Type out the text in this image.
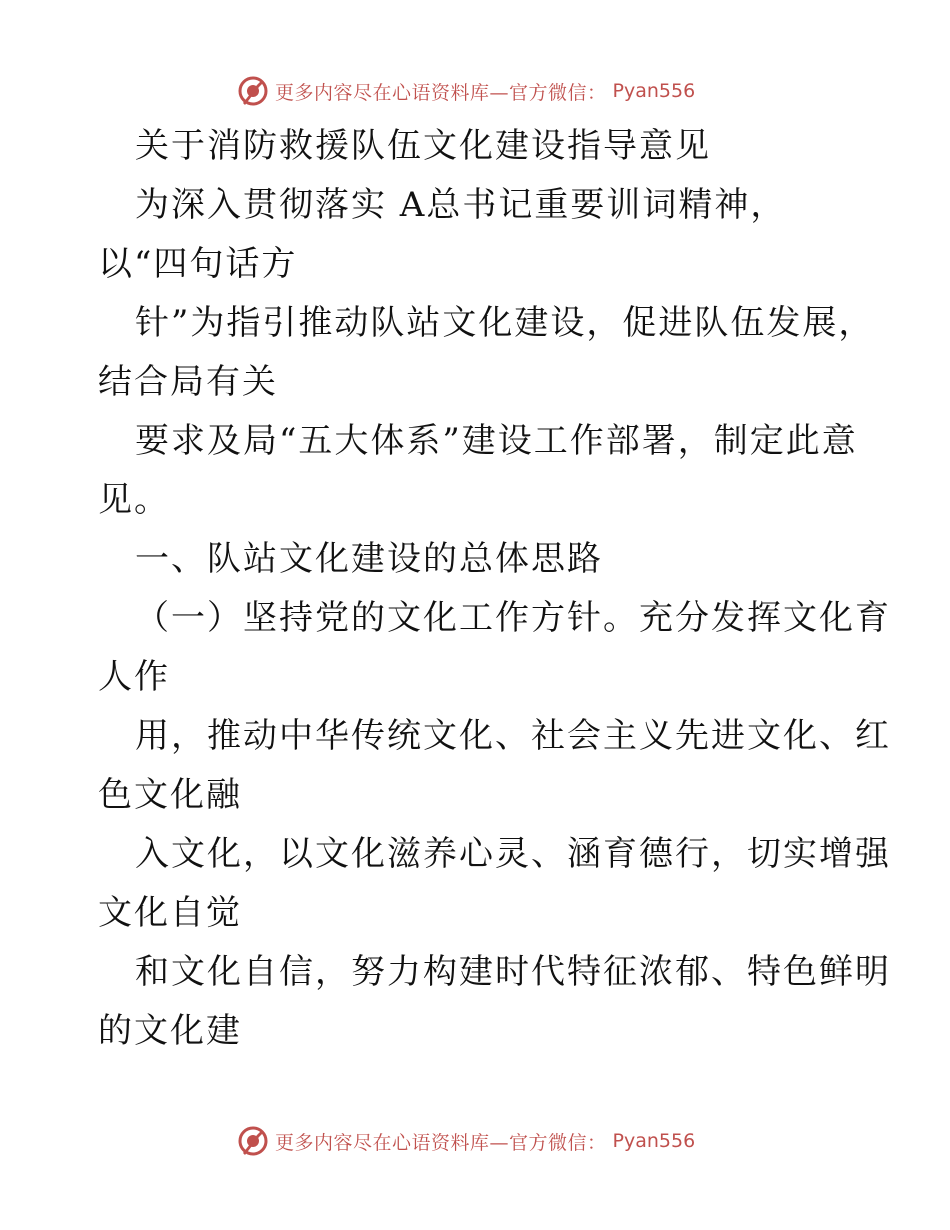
更多内容尽在心语资料库—官方微信： Pyan556
关于消防救援队伍文化建设指导意见
为深入贯彻落实 A总书记重要训词精神，
以“四句话方
针”为指引推动队站文化建设，促进队伍发展，
结合局有关
要求及局“五大体系”建设工作部署，制定此意
见。
一、队站文化建设的总体思路
（一）坚持党的文化工作方针。充分发挥文化育
人作
用，推动中华传统文化、社会主义先进文化、红
色文化融
入文化，以文化滋养心灵、涵育德行，切实增强
文化自觉
和文化自信，努力构建时代特征浓郁、特色鲜明
的文化建
更多内容尽在心语资料库—官方微信： Pyan556
